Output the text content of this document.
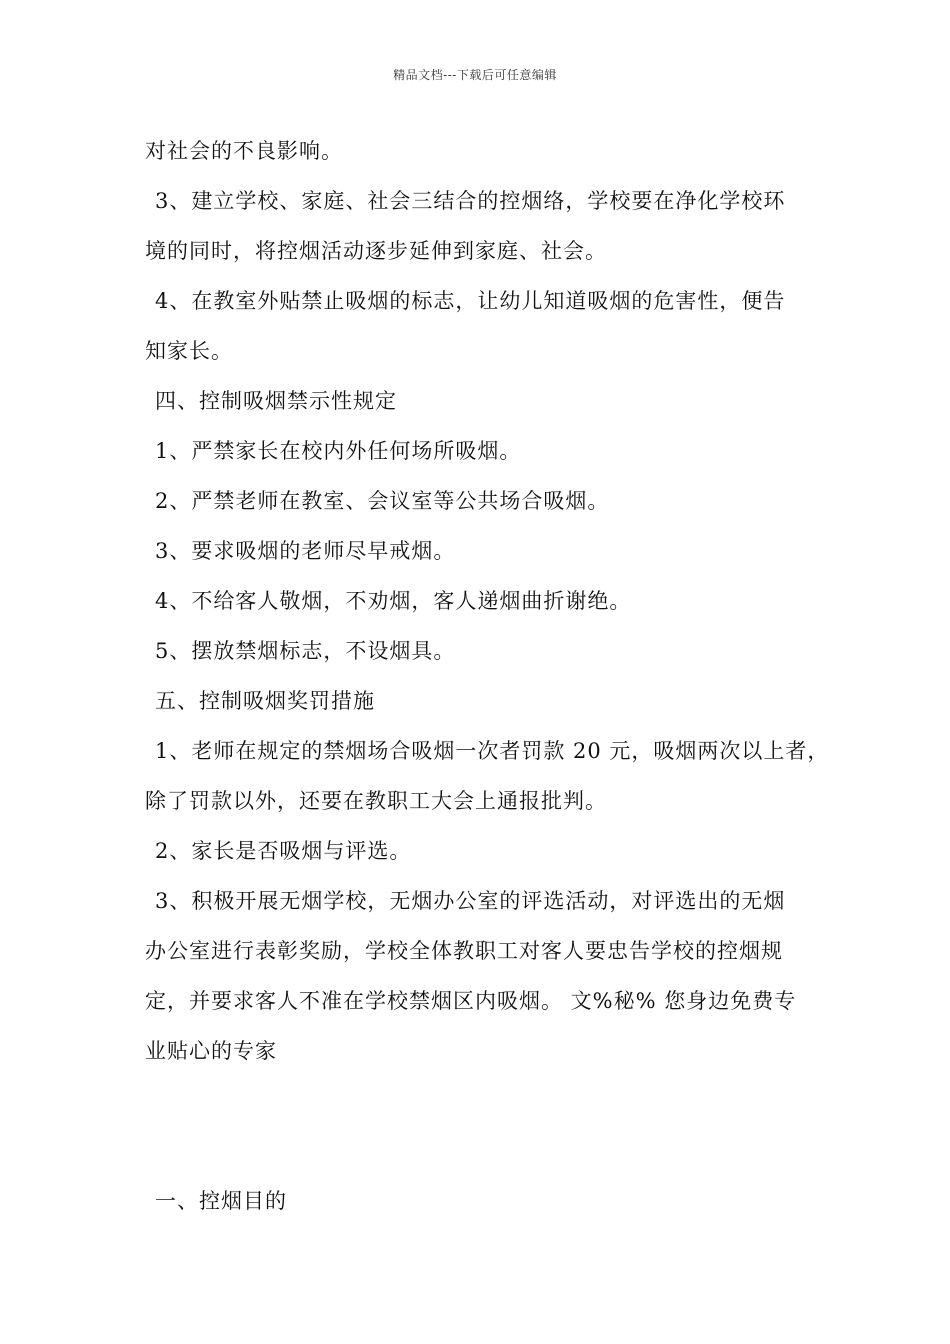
精品文档---下载后可任意编辑
对社会的不良影响。
3、建立学校、家庭、社会三结合的控烟络，学校要在净化学校环
境的同时，将控烟活动逐步延伸到家庭、社会。
4、在教室外贴禁止吸烟的标志，让幼儿知道吸烟的危害性，便告
知家长。
四、控制吸烟禁示性规定
1、严禁家长在校内外任何场所吸烟。
2、严禁老师在教室、会议室等公共场合吸烟。
3、要求吸烟的老师尽早戒烟。
4、不给客人敬烟，不劝烟，客人递烟曲折谢绝。
5、摆放禁烟标志，不设烟具。
五、控制吸烟奖罚措施
1、老师在规定的禁烟场合吸烟一次者罚款 20 元，吸烟两次以上者，
除了罚款以外，还要在教职工大会上通报批判。
2、家长是否吸烟与评选。
3、积极开展无烟学校，无烟办公室的评选活动，对评选出的无烟
办公室进行表彰奖励，学校全体教职工对客人要忠告学校的控烟规
定，并要求客人不准在学校禁烟区内吸烟。 文%秘% 您身边免费专
业贴心的专家
一、控烟目的
